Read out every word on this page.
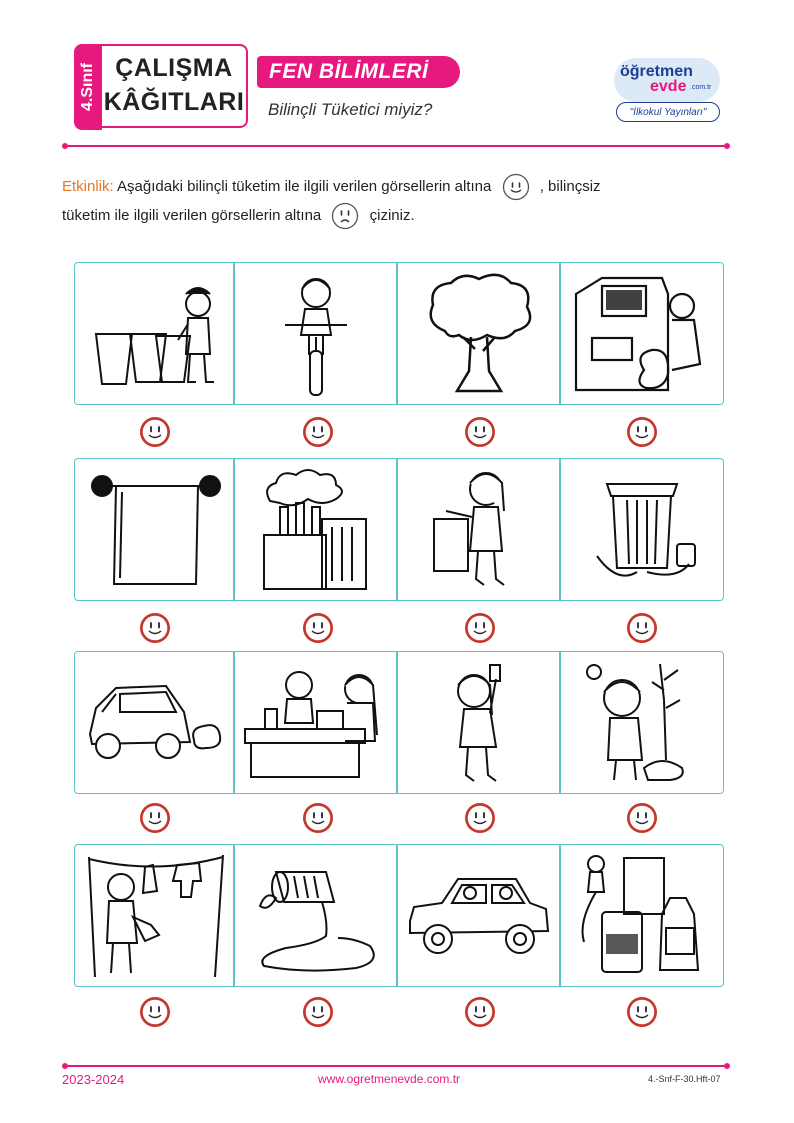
4.Sınıf ÇALIŞMA
KÂĞITLARI
FEN BİLİMLERİ
Bilinçli Tüketici miyiz?
öğretmen
evde .com.tr
"İlkokul Yayınları"
Etkinlik: Aşağıdaki bilinçli tüketim ile ilgili verilen görsellerin altına	, bilinçsiz
tüketim ile ilgili verilen görsellerin altına	çiziniz.
2023-2024	www.ogretmenevde.com.tr	4.-Snf-F-30.Hft-07
